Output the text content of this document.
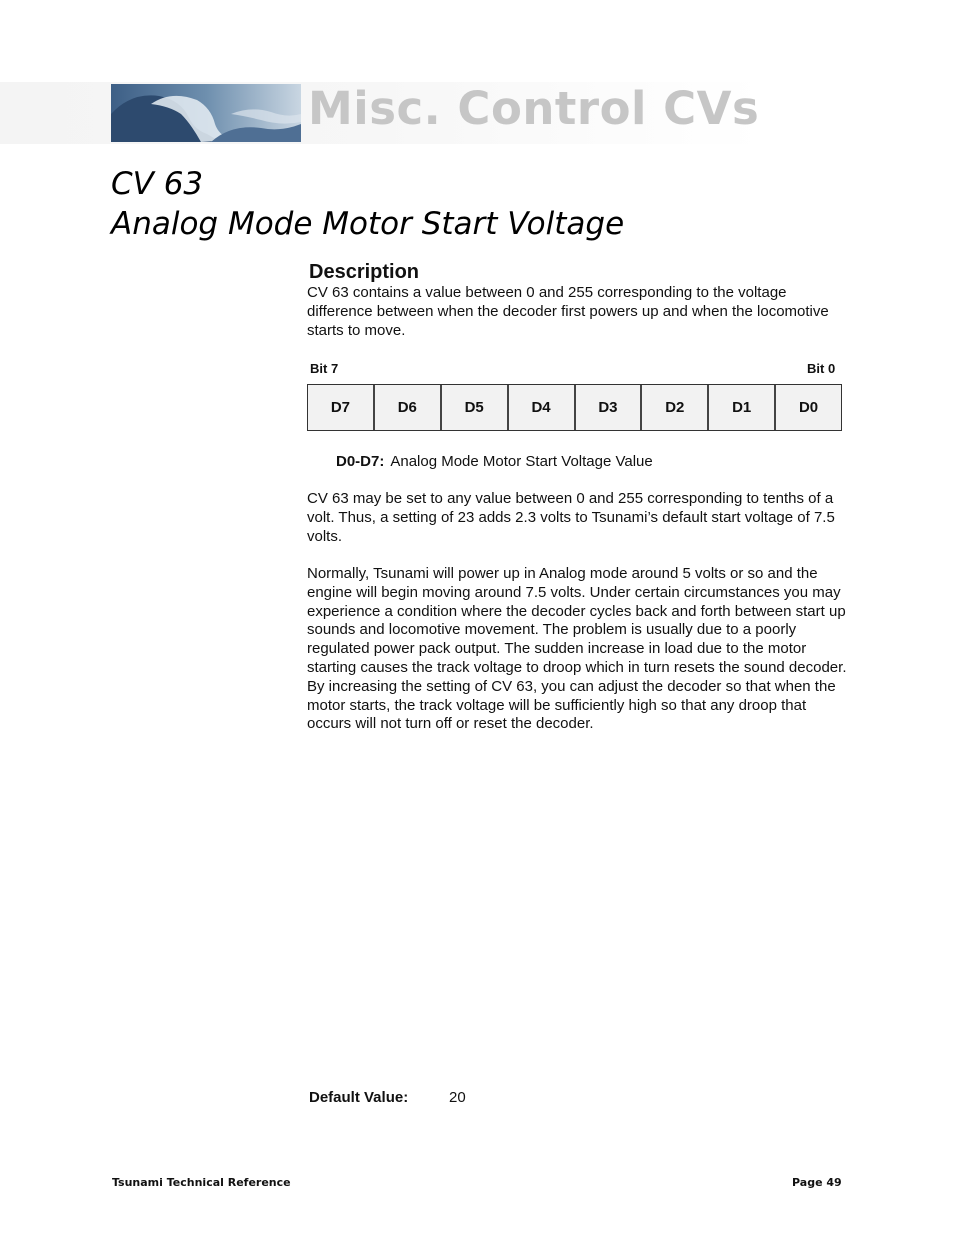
Misc. Control CVs
CV 63
Analog Mode Motor Start Voltage
Description
CV 63 contains a value between 0 and 255 corresponding to the voltage difference between when the decoder first powers up and when the locomotive starts to move.
Bit 7	Bit 0
D7	D6	D5	D4	D3	D2	D1	D0
D0-D7: Analog Mode Motor Start Voltage Value
CV 63 may be set to any value between 0 and 255 corresponding to tenths of a volt. Thus, a setting of 23 adds 2.3 volts to Tsunami’s default start voltage of 7.5 volts.
Normally, Tsunami will power up in Analog mode around 5 volts or so and the engine will begin moving around 7.5 volts. Under certain circumstances you may experience a condition where the decoder cycles back and forth between start up sounds and locomotive movement. The problem is usually due to a poorly regulated power pack output. The sudden increase in load due to the motor starting causes the track voltage to droop which in turn resets the sound decoder. By increasing the setting of CV 63, you can adjust the decoder so that when the motor starts, the track voltage will be sufficiently high so that any droop that occurs will not turn off or reset the decoder.
Default Value:	20
Tsunami Technical Reference	Page 49
